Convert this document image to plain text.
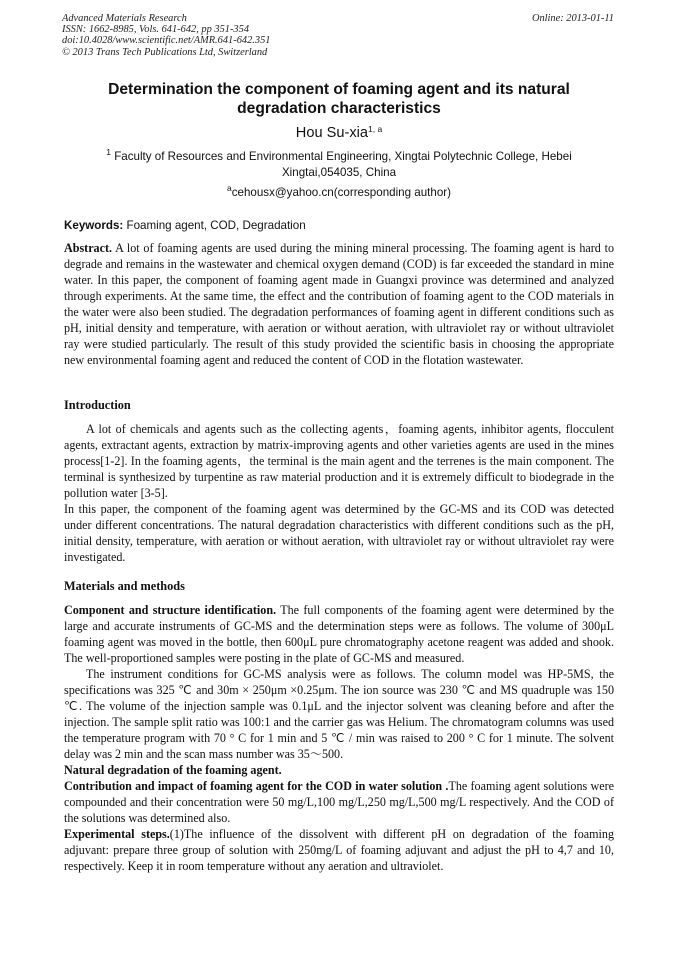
Advanced Materials Research
ISSN: 1662-8985, Vols. 641-642, pp 351-354
doi:10.4028/www.scientific.net/AMR.641-642.351
© 2013 Trans Tech Publications Ltd, Switzerland
Online: 2013-01-11
Determination the component of foaming agent and its natural
degradation characteristics
Hou Su-xia$^{1, a}$
$^1$ Faculty of Resources and Environmental Engineering, Xingtai Polytechnic College, Hebei
Xingtai,054035, China
$^a$cehousx@yahoo.cn(corresponding author)
Keywords: Foaming agent, COD, Degradation

Abstract. A lot of foaming agents are used during the mining mineral processing. The foaming agent is hard to degrade and remains in the wastewater and chemical oxygen demand (COD) is far exceeded the standard in mine water. In this paper, the component of foaming agent made in Guangxi province was determined and analyzed through experiments. At the same time, the effect and the contribution of foaming agent to the COD materials in the water were also been studied. The degradation performances of foaming agent in different conditions such as pH, initial density and temperature, with aeration or without aeration, with ultraviolet ray or without ultraviolet ray were studied particularly. The result of this study provided the scientific basis in choosing the appropriate new environmental foaming agent and reduced the content of COD in the flotation wastewater.

Introduction

A lot of chemicals and agents such as the collecting agents，foaming agents, inhibitor agents, flocculent agents, extractant agents, extraction by matrix-improving agents and other varieties agents are used in the mines process[1-2]. In the foaming agents，the terminal is the main agent and the terrenes is the main component. The terminal is synthesized by turpentine as raw material production and it is extremely difficult to biodegrade in the pollution water [3-5].

In this paper, the component of the foaming agent was determined by the GC-MS and its COD was detected under different concentrations. The natural degradation characteristics with different conditions such as the pH, initial density, temperature, with aeration or without aeration, with ultraviolet ray or without ultraviolet ray were investigated.

Materials and methods

Component and structure identification. The full components of the foaming agent were determined by the large and accurate instruments of GC-MS and the determination steps were as follows. The volume of 300μL foaming agent was moved in the bottle, then 600μL pure chromatography acetone reagent was added and shook. The well-proportioned samples were posting in the plate of GC-MS and measured.

The instrument conditions for GC-MS analysis were as follows. The column model was HP-5MS, the specifications was 325 ℃ and 30m × 250μm ×0.25μm. The ion source was 230 ℃ and MS quadruple was 150 ℃. The volume of the injection sample was 0.1μL and the injector solvent was cleaning before and after the injection. The sample split ratio was 100:1 and the carrier gas was Helium. The chromatogram columns was used the temperature program with 70 ° C for 1 min and 5 ℃ / min was raised to 200 ° C for 1 minute. The solvent delay was 2 min and the scan mass number was 35～500.

Natural degradation of the foaming agent.

Contribution and impact of foaming agent for the COD in water solution .The foaming agent solutions were compounded and their concentration were 50 mg/L,100 mg/L,250 mg/L,500 mg/L respectively. And the COD of the solutions was determined also.

Experimental steps.(1)The influence of the dissolvent with different pH on degradation of the foaming adjuvant: prepare three group of solution with 250mg/L of foaming adjuvant and adjust the pH to 4,7 and 10, respectively. Keep it in room temperature without any aeration and ultraviolet.
